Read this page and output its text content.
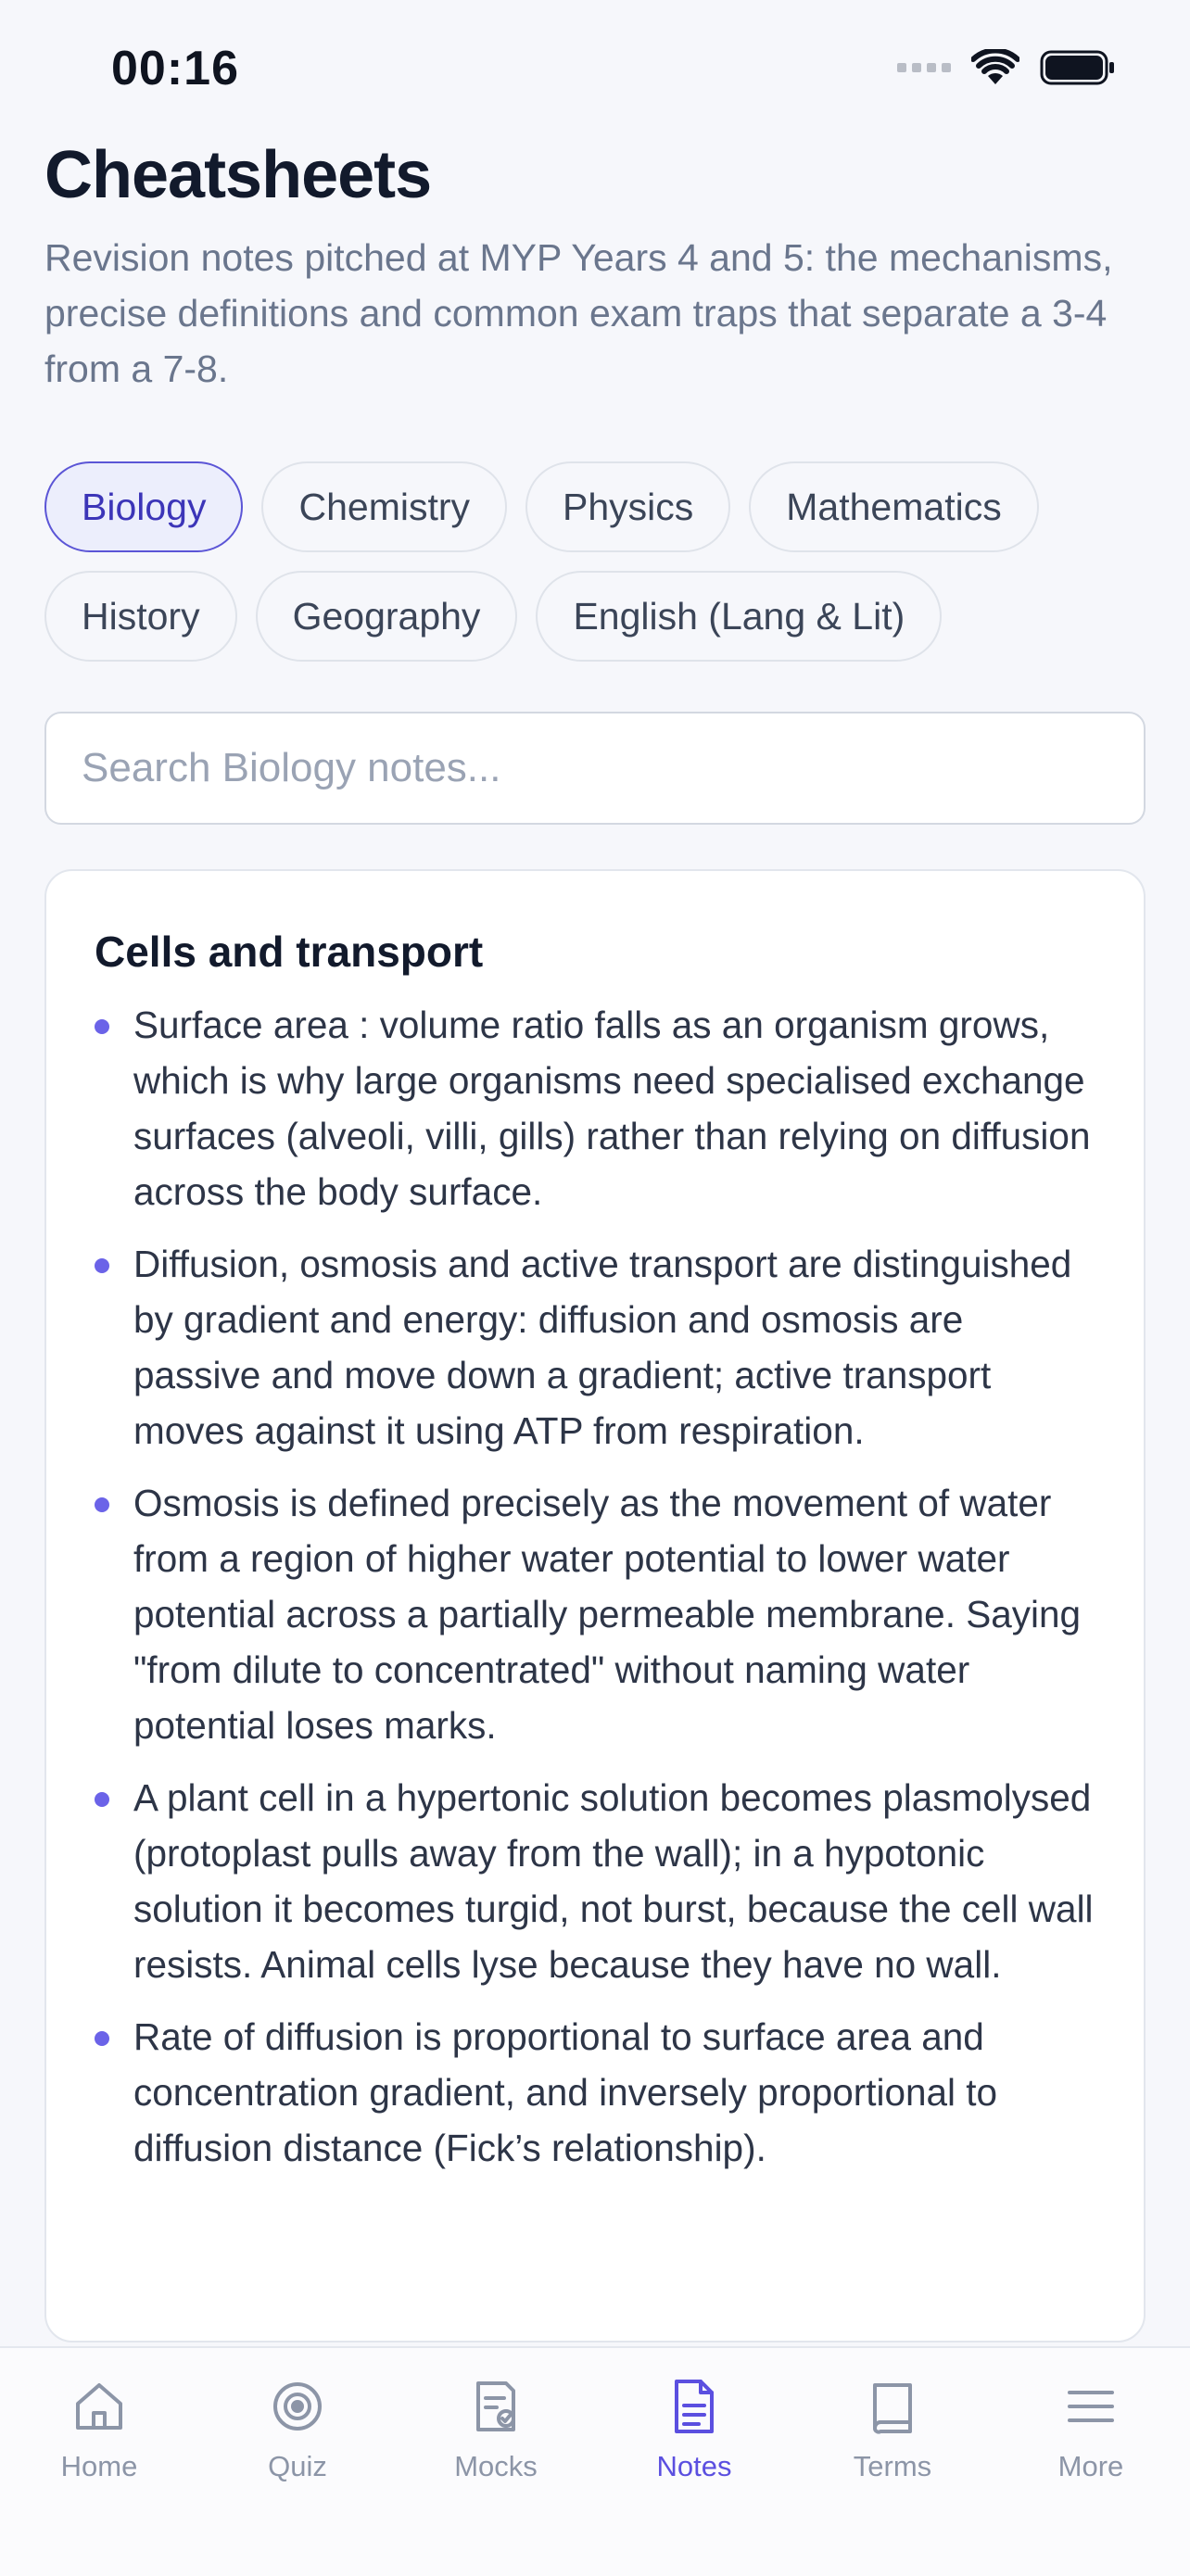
00:16
Cheatsheets

Revision notes pitched at MYP Years 4 and 5: the mechanisms, precise definitions and common exam traps that separate a 3-4 from a 7-8.

Biology	Chemistry	Physics	Mathematics
History	Geography	English (Lang & Lit)
Search Biology notes...
Cells and transport
Surface area : volume ratio falls as an organism grows, which is why large organisms need specialised exchange surfaces (alveoli, villi, gills) rather than relying on diffusion across the body surface.
Diffusion, osmosis and active transport are distinguished by gradient and energy: diffusion and osmosis are passive and move down a gradient; active transport moves against it using ATP from respiration.
Osmosis is defined precisely as the movement of water from a region of higher water potential to lower water potential across a partially permeable membrane. Saying "from dilute to concentrated" without naming water potential loses marks.
A plant cell in a hypertonic solution becomes plasmolysed (protoplast pulls away from the wall); in a hypotonic solution it becomes turgid, not burst, because the cell wall resists. Animal cells lyse because they have no wall.
Rate of diffusion is proportional to surface area and concentration gradient, and inversely proportional to diffusion distance (Fick’s relationship).
Home	Quiz	Mocks	Notes	Terms	More
